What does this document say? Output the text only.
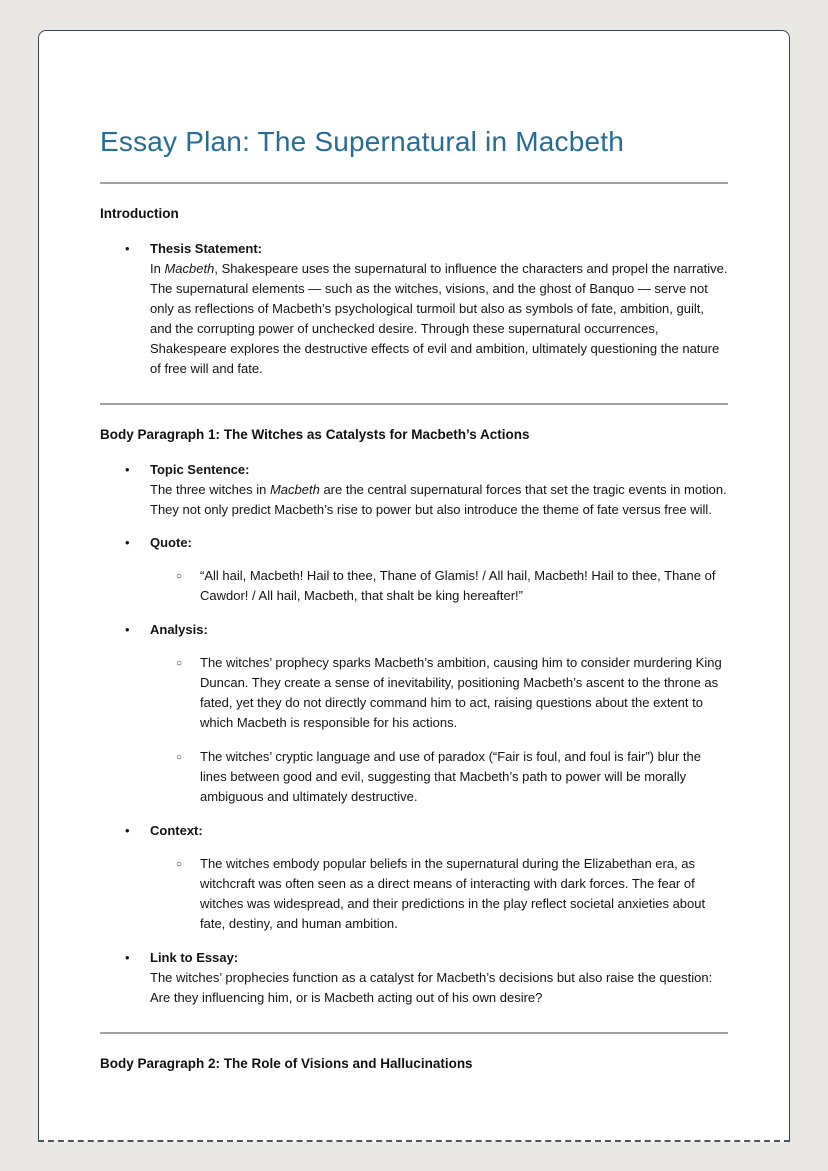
Essay Plan: The Supernatural in Macbeth
Introduction
• Thesis Statement:

In Macbeth, Shakespeare uses the supernatural to influence the characters and propel the narrative. The supernatural elements — such as the witches, visions, and the ghost of Banquo — serve not only as reflections of Macbeth’s psychological turmoil but also as symbols of fate, ambition, guilt, and the corrupting power of unchecked desire. Through these supernatural occurrences, Shakespeare explores the destructive effects of evil and ambition, ultimately questioning the nature of free will and fate.

Body Paragraph 1: The Witches as Catalysts for Macbeth’s Actions
• Topic Sentence:

The three witches in Macbeth are the central supernatural forces that set the tragic events in motion. They not only predict Macbeth’s rise to power but also introduce the theme of fate versus free will.

• Quote:

○ “All hail, Macbeth! Hail to thee, Thane of Glamis! / All hail, Macbeth! Hail to thee, Thane of Cawdor! / All hail, Macbeth, that shalt be king hereafter!”

• Analysis:

○ The witches’ prophecy sparks Macbeth’s ambition, causing him to consider murdering King Duncan. They create a sense of inevitability, positioning Macbeth’s ascent to the throne as fated, yet they do not directly command him to act, raising questions about the extent to which Macbeth is responsible for his actions.

○ The witches’ cryptic language and use of paradox (“Fair is foul, and foul is fair”) blur the lines between good and evil, suggesting that Macbeth’s path to power will be morally ambiguous and ultimately destructive.

• Context:

○ The witches embody popular beliefs in the supernatural during the Elizabethan era, as witchcraft was often seen as a direct means of interacting with dark forces. The fear of witches was widespread, and their predictions in the play reflect societal anxieties about fate, destiny, and human ambition.

• Link to Essay:

The witches’ prophecies function as a catalyst for Macbeth’s decisions but also raise the question: Are they influencing him, or is Macbeth acting out of his own desire?

Body Paragraph 2: The Role of Visions and Hallucinations
